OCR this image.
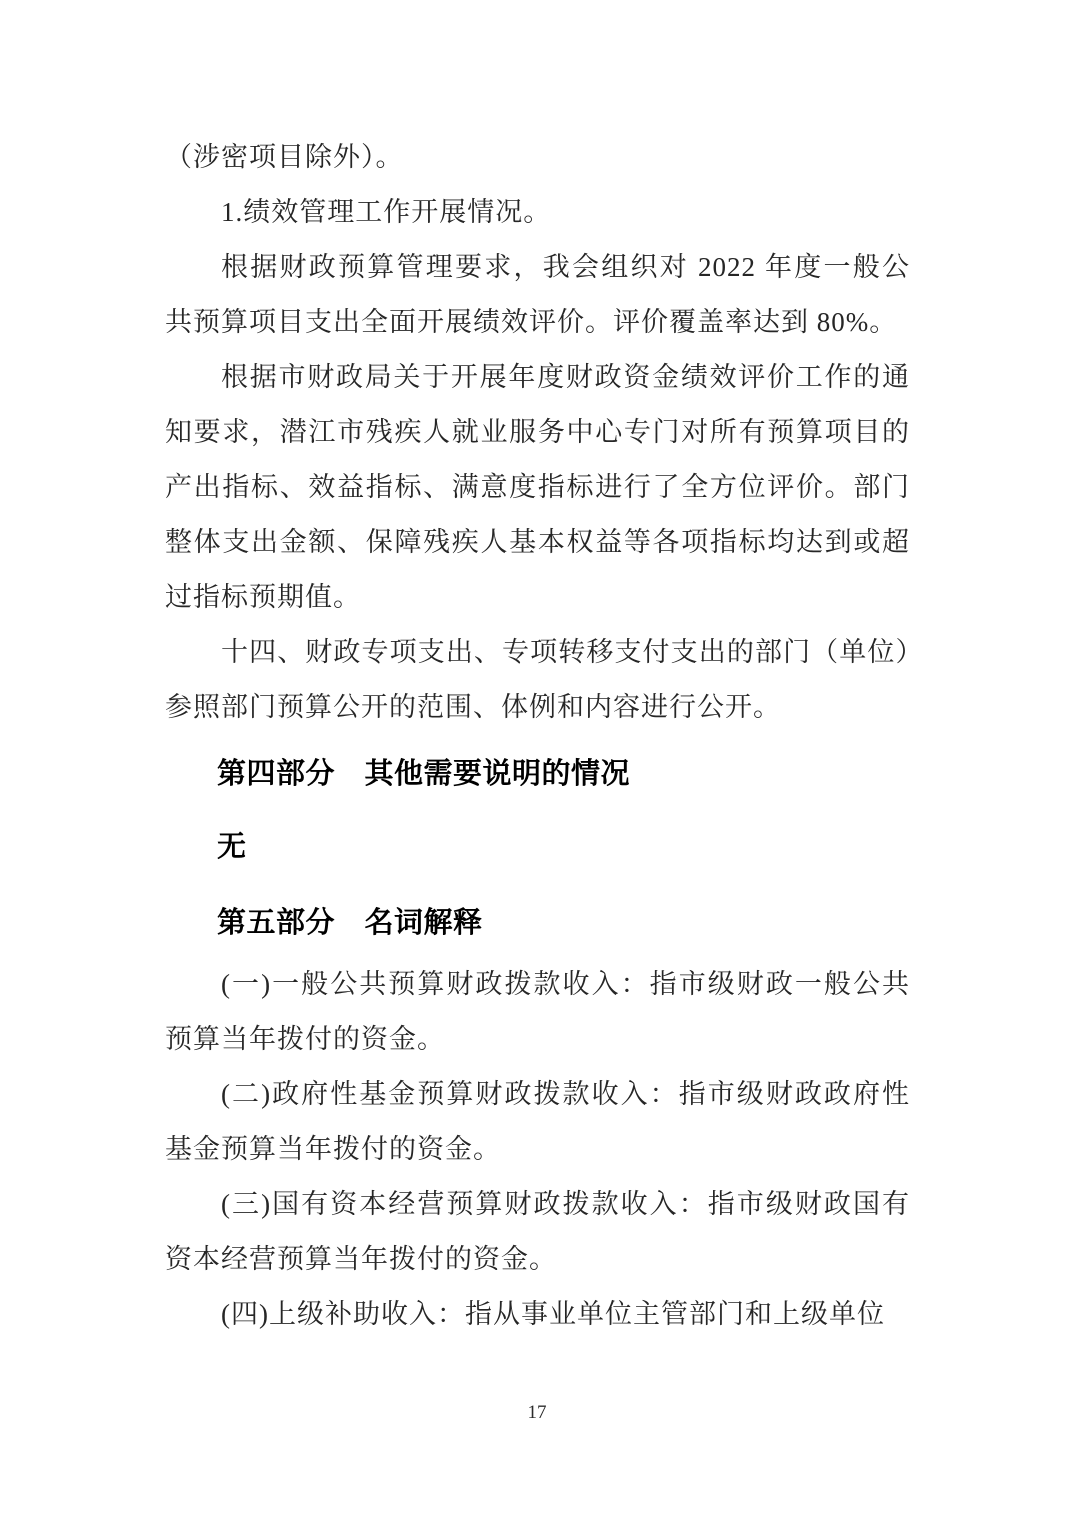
（涉密项目除外）。

1.绩效管理工作开展情况。

根据财政预算管理要求，我会组织对 2022 年度一般公共预算项目支出全面开展绩效评价。评价覆盖率达到 80%。

根据市财政局关于开展年度财政资金绩效评价工作的通知要求，潜江市残疾人就业服务中心专门对所有预算项目的产出指标、效益指标、满意度指标进行了全方位评价。部门整体支出金额、保障残疾人基本权益等各项指标均达到或超过指标预期值。

十四、财政专项支出、专项转移支付支出的部门（单位）参照部门预算公开的范围、体例和内容进行公开。

第四部分　其他需要说明的情况

无

第五部分　名词解释

(一)一般公共预算财政拨款收入：指市级财政一般公共预算当年拨付的资金。

(二)政府性基金预算财政拨款收入：指市级财政政府性基金预算当年拨付的资金。

(三)国有资本经营预算财政拨款收入：指市级财政国有资本经营预算当年拨付的资金。

(四)上级补助收入：指从事业单位主管部门和上级单位

17
